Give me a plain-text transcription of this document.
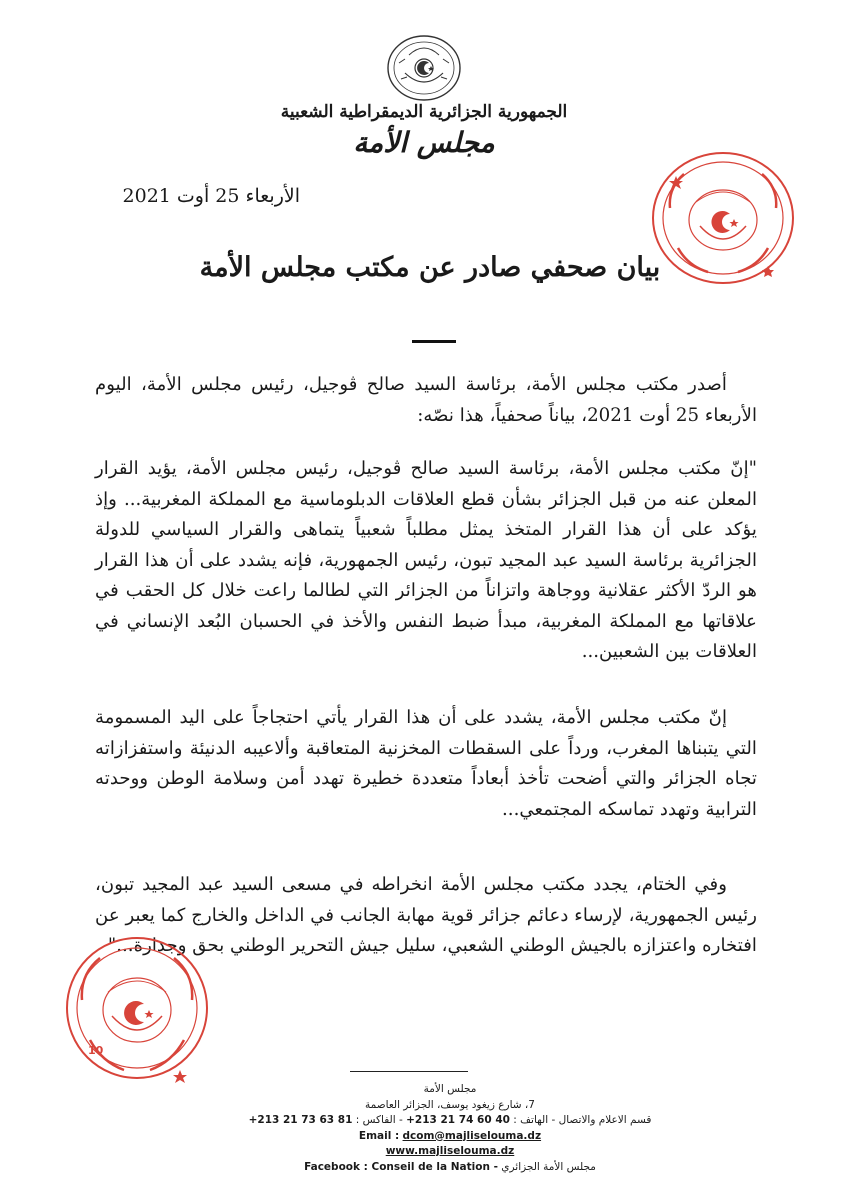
الجمهورية الجزائرية الديمقراطية الشعبية
مجلس الأمة
الأربعاء 25 أوت 2021
بيان صحفي صادر عن مكتب مجلس الأمة
أصدر مكتب مجلس الأمة، برئاسة السيد صالح ڤوجيل، رئيس مجلس الأمة، اليوم الأربعاء 25 أوت 2021، بياناً صحفياً، هذا نصّه:
"إنّ مكتب مجلس الأمة، برئاسة السيد صالح ڤوجيل، رئيس مجلس الأمة، يؤيد القرار المعلن عنه من قبل الجزائر بشأن قطع العلاقات الدبلوماسية مع المملكة المغربية... وإذ يؤكد على أن هذا القرار المتخذ يمثل مطلباً شعبياً يتماهى والقرار السياسي للدولة الجزائرية برئاسة السيد عبد المجيد تبون، رئيس الجمهورية، فإنه يشدد على أن هذا القرار هو الردّ الأكثر عقلانية ووجاهة واتزاناً من الجزائر التي لطالما راعت خلال كل الحقب في علاقاتها مع المملكة المغربية، مبدأ ضبط النفس والأخذ في الحسبان البُعد الإنساني في العلاقات بين الشعبين...
إنّ مكتب مجلس الأمة، يشدد على أن هذا القرار يأتي احتجاجاً على اليد المسمومة التي يتبناها المغرب، ورداً على السقطات المخزنية المتعاقبة وألاعيبه الدنيئة واستفزازاته تجاه الجزائر والتي أضحت تأخذ أبعاداً متعددة خطيرة تهدد أمن وسلامة الوطن ووحدته الترابية وتهدد تماسكه المجتمعي...
وفي الختام، يجدد مكتب مجلس الأمة انخراطه في مسعى السيد عبد المجيد تبون، رئيس الجمهورية، لإرساء دعائم جزائر قوية مهابة الجانب في الداخل والخارج كما يعبر عن افتخاره واعتزازه بالجيش الوطني الشعبي، سليل جيش التحرير الوطني بحق وجدارة..."
10
مجلس الأمة
7، شارع زيغود يوسف، الجزائر العاصمة
قسم الاعلام والاتصال - الهاتف : 40 60 74 21 213+ - الفاكس : +213 21 73 63 81
Email : dcom@majliselouma.dz
www.majliselouma.dz
مجلس الأمة الجزائري Facebook : Conseil de la Nation -
